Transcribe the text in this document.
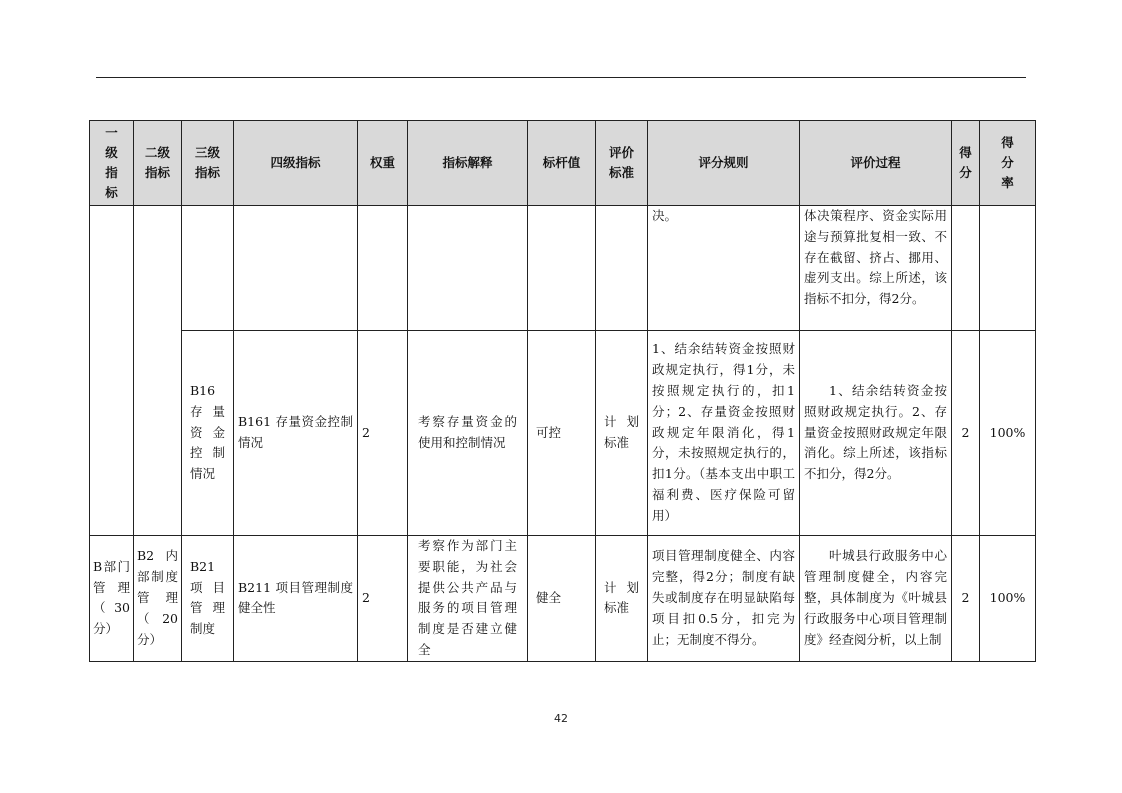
一级指标	二级指标	三级指标	四级指标	权重	指标解释	标杆值	评价标准	评分规则	评价过程	得分	得分率
								决。	体决策程序、资金实际用途与预算批复相一致、不存在截留、挤占、挪用、虚列支出。综上所述，该指标不扣分，得2分。		
		B16存量资金控制情况	B161 存量资金控制情况	2	考察存量资金的使用和控制情况	可控	计划标准	1、结余结转资金按照财政规定执行，得1分，未按照规定执行的，扣1分；2、存量资金按照财政规定年限消化，得1分，未按照规定执行的，扣1分。（基本支出中职工福利费、医疗保险可留用）	1、结余结转资金按照财政规定执行。2、存量资金按照财政规定年限消化。综上所述，该指标不扣分，得2分。	2	100%
B部门管理（30分）	B2内部制度管理（20分）	B21项目管理制度	B211 项目管理制度健全性	2	考察作为部门主要职能，为社会提供公共产品与服务的项目管理制度是否建立健全	健全	计划标准	项目管理制度健全、内容完整，得2分；制度有缺失或制度存在明显缺陷每项目扣0.5分，扣完为止；无制度不得分。	叶城县行政服务中心管理制度健全，内容完整，具体制度为《叶城县行政服务中心项目管理制度》经查阅分析，以上制	2	100%
42
